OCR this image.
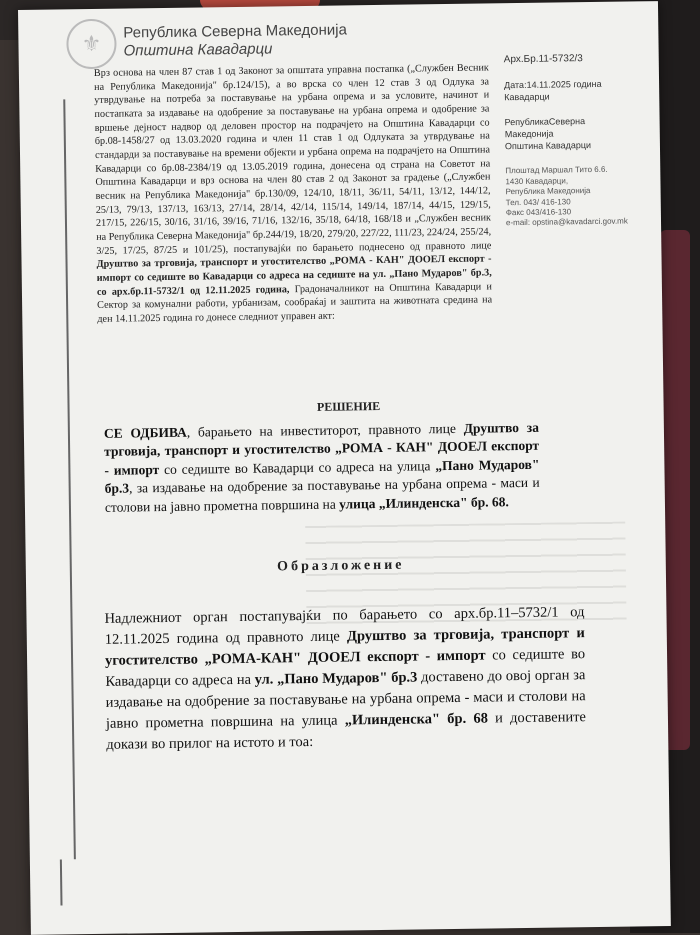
⚜	Република Северна Македонија
Општина Кавадарци	Арх.Бр.11-5732/3
Дата:14.11.2025 година
Кавадарци
РепубликаСеверна
Македонија
Општина Кавадарци
Плоштад Маршал Тито 6.6.
1430 Кавадарци,
Република Македонија
Тел. 043/ 416-130
Факс 043/416-130
e-mail: opstina@kavadarci.gov.mk
Врз основа на член 87 став 1 од Законот за општата управна постапка („Службен Весник на Република Македонија" бр.124/15), а во врска со член 12 став 3 од Одлука за утврдување на потреба за поставување на урбана опрема и за условите, начинот и постапката за издавање на одобрение за поставување на урбана опрема и одобрение за вршење дејност надвор од деловен простор на подрачјето на Општина Кавадарци со бр.08-1458/27 од 13.03.2020 година и член 11 став 1 од Одлуката за утврдување на стандарди за поставување на времени објекти и урбана опрема на подрачјето на Општина Кавадарци со бр.08-2384/19 од 13.05.2019 година, донесена од страна на Советот на Општина Кавадарци и врз основа на член 80 став 2 од Законот за градење („Службен весник на Република Македонија" бр.130/09, 124/10, 18/11, 36/11, 54/11, 13/12, 144/12, 25/13, 79/13, 137/13, 163/13, 27/14, 28/14, 42/14, 115/14, 149/14, 187/14, 44/15, 129/15, 217/15, 226/15, 30/16, 31/16, 39/16, 71/16, 132/16, 35/18, 64/18, 168/18 и „Службен весник на Република Северна Македонија" бр.244/19, 18/20, 279/20, 227/22, 111/23, 224/24, 255/24, 3/25, 17/25, 87/25 и 101/25), постапувајќи по барањето поднесено од правното лице Друштво за трговија, транспорт и угостителство „РОМА - КАН" ДООЕЛ експорт - импорт со седиште во Кавадарци со адреса на седиште на ул. „Пано Мударов" бр.3, со арх.бр.11-5732/1 од 12.11.2025 година, Градоначалникот на Општина Кавадарци и Сектор за комунални работи, урбанизам, сообраќај и заштита на животната средина на ден 14.11.2025 година го донесе следниот управен акт:
РЕШЕНИЕ
СЕ ОДБИВА, барањето на инвеститорот, правното лице Друштво за трговија, транспорт и угостителство „РОМА - КАН" ДООЕЛ експорт - импорт со седиште во Кавадарци со адреса на улица „Пано Мударов" бр.3, за издавање на одобрение за поставување на урбана опрема - маси и столови на јавно прометна површина на улица „Илинденска" бр. 68.
Образложение
Надлежниот орган постапувајќи по барањето со арх.бр.11–5732/1 од 12.11.2025 година од правното лице Друштво за трговија, транспорт и угостителство „РОМА-КАН" ДООЕЛ експорт - импорт со седиште во Кавадарци со адреса на ул. „Пано Мударов" бр.3 доставено до овој орган за издавање на одобрение за поставување на урбана опрема - маси и столови на јавно прометна површина на улица „Илинденска" бр. 68 и доставените докази во прилог на истото и тоа:
